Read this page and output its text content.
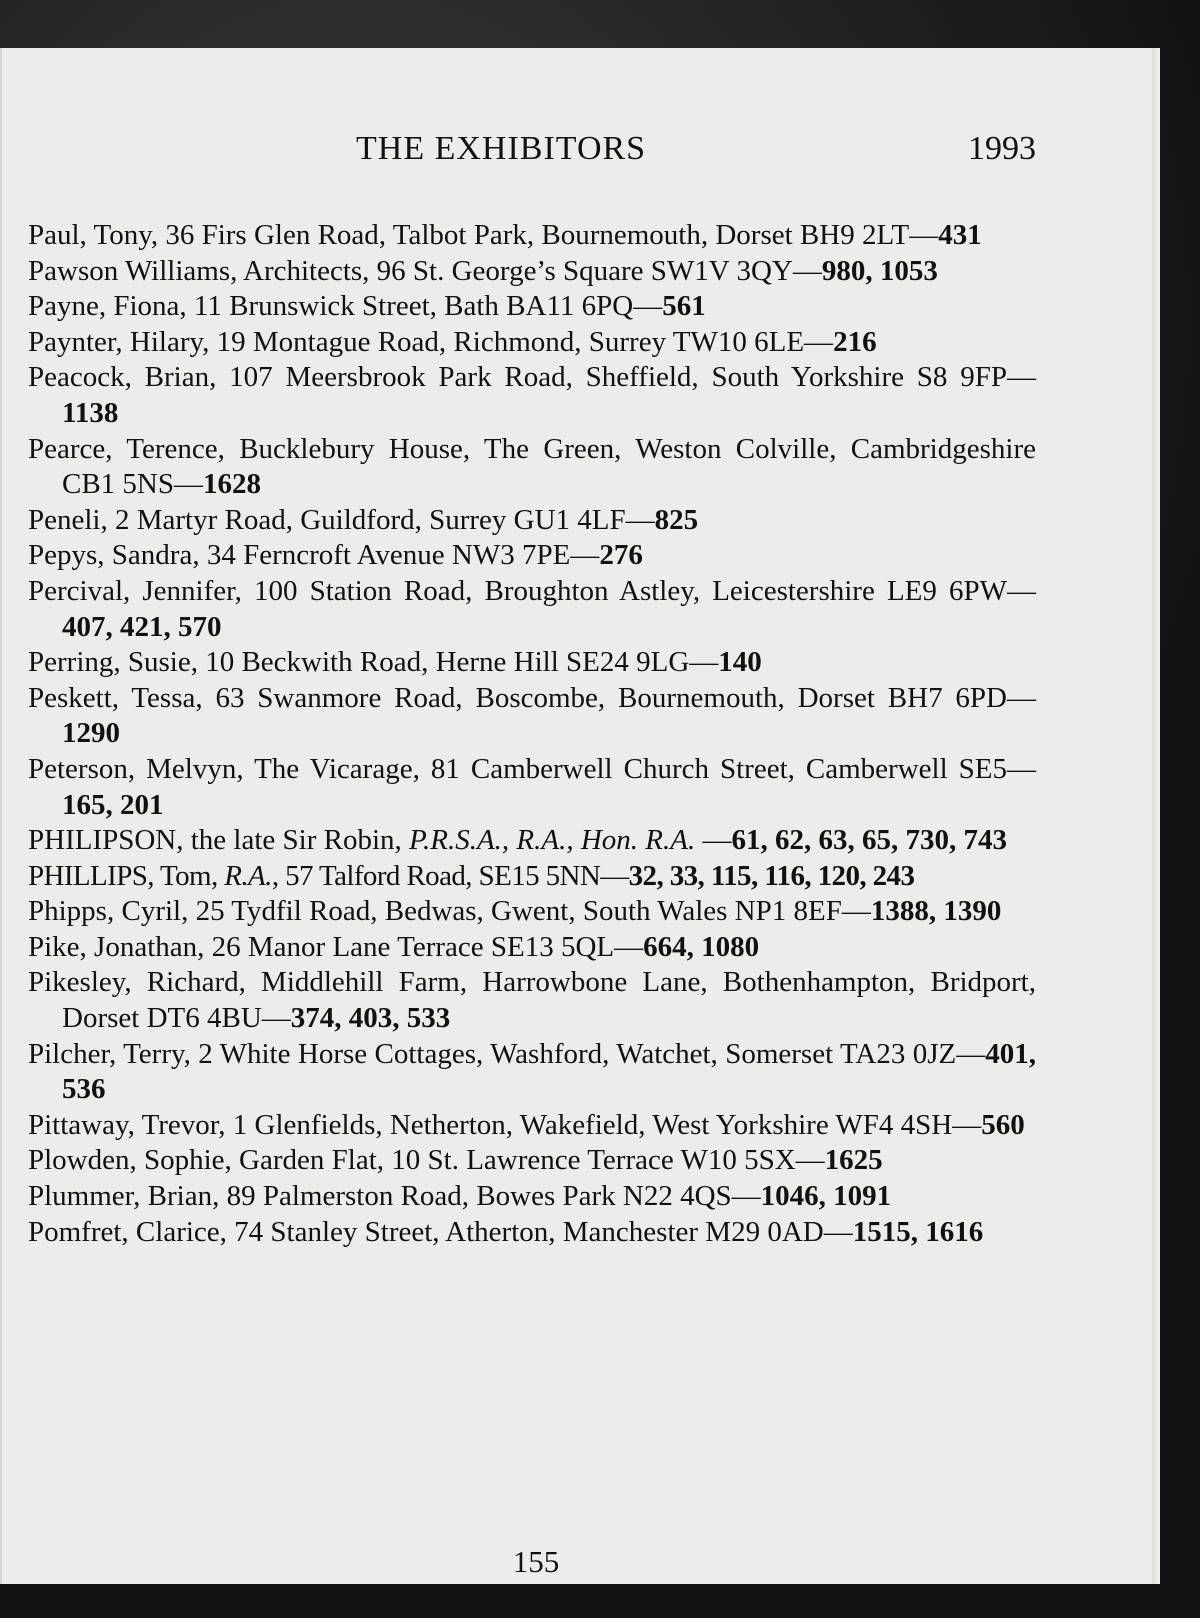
THE EXHIBITORS	1993

Paul, Tony, 36 Firs Glen Road, Talbot Park, Bournemouth, Dorset BH9 2LT—431

Pawson Williams, Architects, 96 St. George’s Square SW1V 3QY—980, 1053

Payne, Fiona, 11 Brunswick Street, Bath BA11 6PQ—561

Paynter, Hilary, 19 Montague Road, Richmond, Surrey TW10 6LE—216

Peacock, Brian, 107 Meersbrook Park Road, Sheffield, South Yorkshire S8 9FP—1138

Pearce, Terence, Bucklebury House, The Green, Weston Colville, Cambridgeshire CB1 5NS—1628

Peneli, 2 Martyr Road, Guildford, Surrey GU1 4LF—825

Pepys, Sandra, 34 Ferncroft Avenue NW3 7PE—276

Percival, Jennifer, 100 Station Road, Broughton Astley, Leicestershire LE9 6PW—407, 421, 570

Perring, Susie, 10 Beckwith Road, Herne Hill SE24 9LG—140

Peskett, Tessa, 63 Swanmore Road, Boscombe, Bournemouth, Dorset BH7 6PD—1290

Peterson, Melvyn, The Vicarage, 81 Camberwell Church Street, Camberwell SE5—165, 201

PHILIPSON, the late Sir Robin, P.R.S.A., R.A., Hon. R.A. —61, 62, 63, 65, 730, 743

PHILLIPS, Tom, R.A., 57 Talford Road, SE15 5NN—32, 33, 115, 116, 120, 243

Phipps, Cyril, 25 Tydfil Road, Bedwas, Gwent, South Wales NP1 8EF—1388, 1390

Pike, Jonathan, 26 Manor Lane Terrace SE13 5QL—664, 1080

Pikesley, Richard, Middlehill Farm, Harrowbone Lane, Bothenhampton, Bridport, Dorset DT6 4BU—374, 403, 533

Pilcher, Terry, 2 White Horse Cottages, Washford, Watchet, Somerset TA23 0JZ—401, 536

Pittaway, Trevor, 1 Glenfields, Netherton, Wakefield, West Yorkshire WF4 4SH—560

Plowden, Sophie, Garden Flat, 10 St. Lawrence Terrace W10 5SX—1625

Plummer, Brian, 89 Palmerston Road, Bowes Park N22 4QS—1046, 1091

Pomfret, Clarice, 74 Stanley Street, Atherton, Manchester M29 0AD—1515, 1616

155
